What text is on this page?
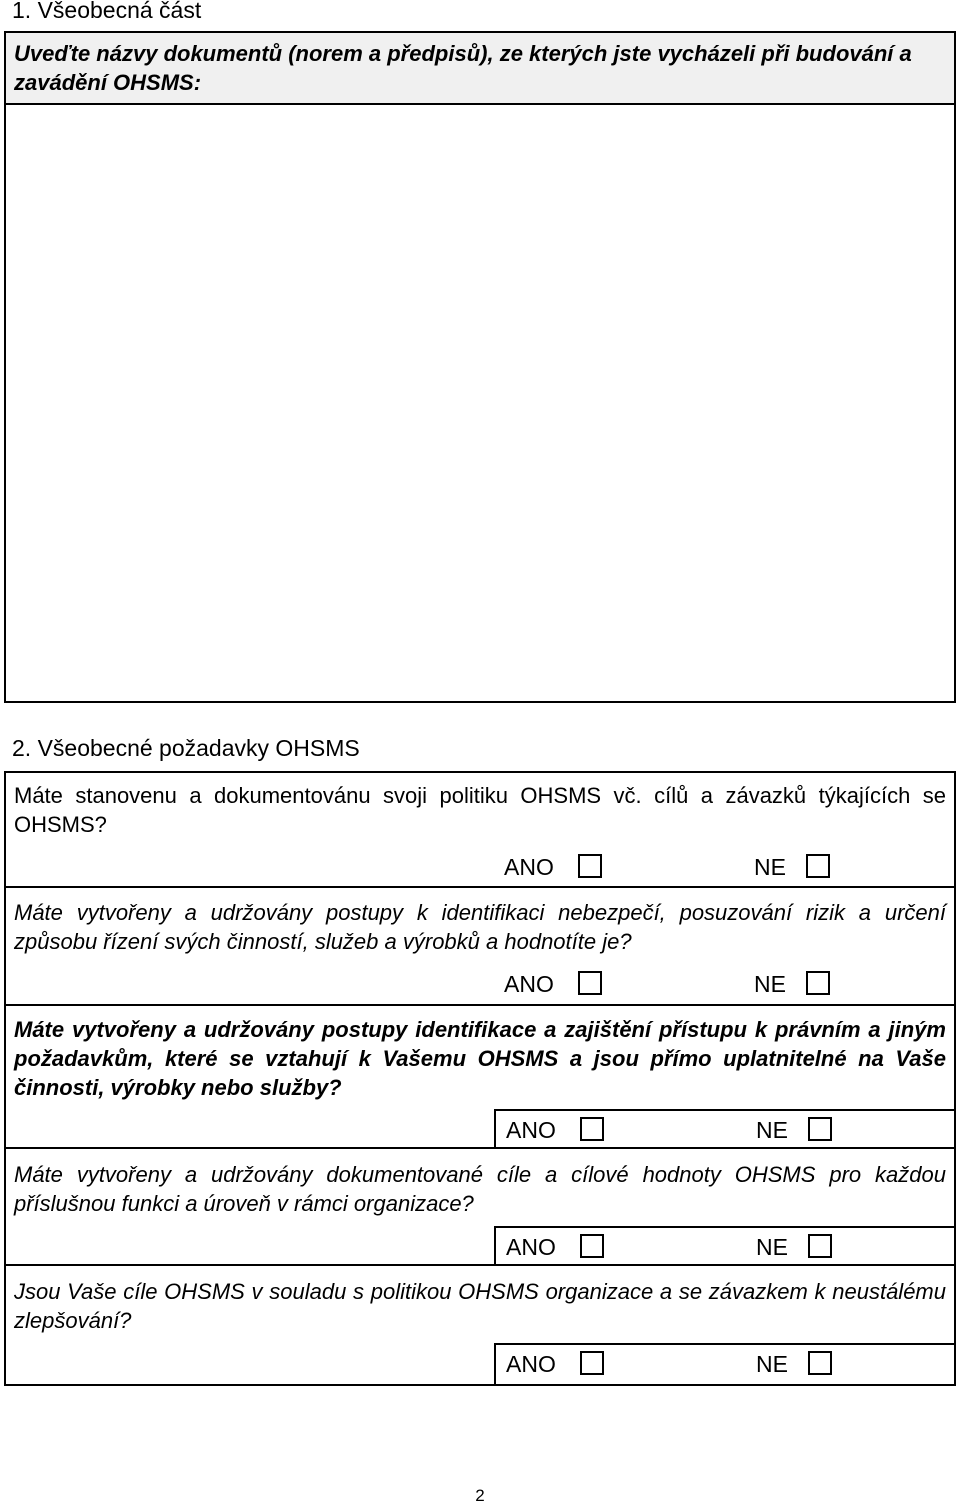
1. Všeobecná část
Uveďte názvy dokumentů (norem a předpisů), ze kterých jste vycházeli při budování a zavádění OHSMS:
2. Všeobecné požadavky OHSMS
Máte stanovenu a dokumentovánu svoji politiku OHSMS vč. cílů a závazků týkajících se OHSMS?
ANO	NE
Máte vytvořeny a udržovány postupy k identifikaci nebezpečí, posuzování rizik a určení způsobu řízení svých činností, služeb a výrobků a hodnotíte je?
ANO	NE
Máte vytvořeny a udržovány postupy identifikace a zajištění přístupu k právním a jiným požadavkům, které se vztahují k Vašemu OHSMS a jsou přímo uplatnitelné na Vaše činnosti, výrobky nebo služby?
ANO	NE
Máte vytvořeny a udržovány dokumentované cíle a cílové hodnoty OHSMS pro každou příslušnou funkci a úroveň v rámci organizace?
ANO	NE
Jsou Vaše cíle OHSMS v souladu s politikou OHSMS organizace a se závazkem k neustálému zlepšování?
ANO	NE
2
